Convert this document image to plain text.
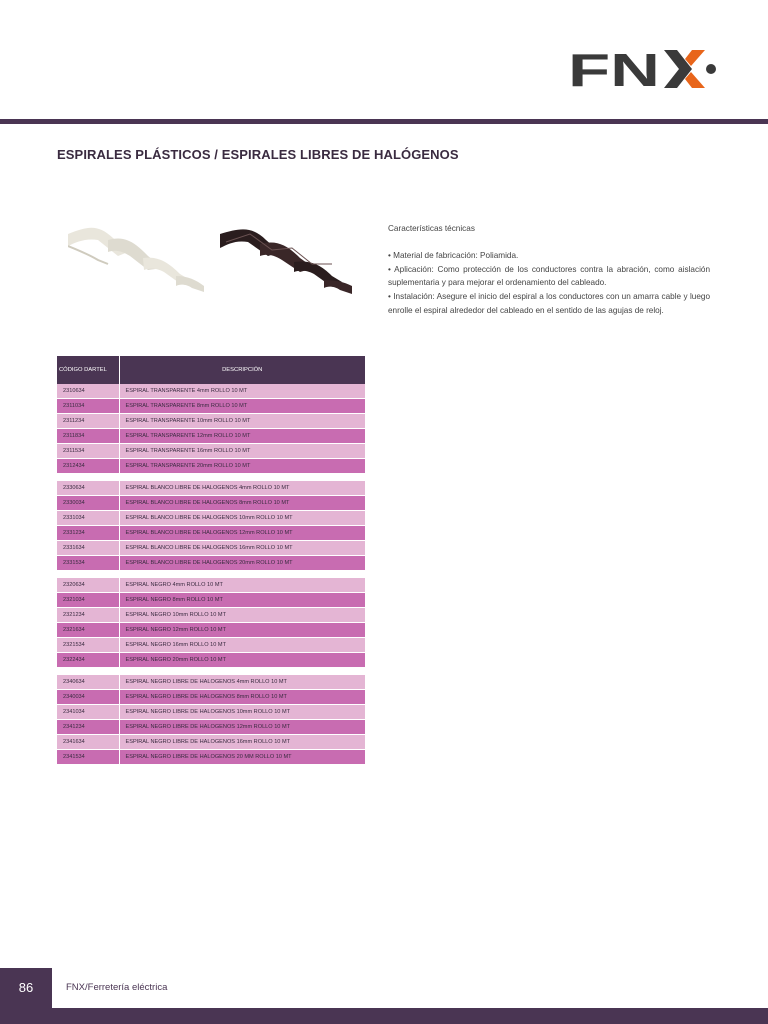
FN
ESPIRALES PLÁSTICOS / ESPIRALES LIBRES DE HALÓGENOS

Características técnicas

• Material de fabricación: Poliamida.

• Aplicación: Como protección de los conductores contra la abración, como aislación suplementaria y para mejorar el ordenamiento del cableado.

• Instalación: Asegure el inicio del espiral a los conductores con un amarra cable y luego enrolle el espiral alrededor del cableado en el sentido de las agujas de reloj.

CÓDIGO DARTEL	DESCRIPCIÓN
2310634	ESPIRAL TRANSPARENTE 4mm ROLLO 10 MT
2311034	ESPIRAL TRANSPARENTE 8mm ROLLO 10 MT
2311234	ESPIRAL TRANSPARENTE 10mm ROLLO 10 MT
2311834	ESPIRAL TRANSPARENTE 12mm ROLLO 10 MT
2311534	ESPIRAL TRANSPARENTE 16mm ROLLO 10 MT
2312434	ESPIRAL TRANSPARENTE 20mm ROLLO 10 MT

2330634	ESPIRAL BLANCO LIBRE DE HALOGENOS 4mm ROLLO 10 MT
2330034	ESPIRAL BLANCO LIBRE DE HALOGENOS 8mm ROLLO 10 MT
2331034	ESPIRAL BLANCO LIBRE DE HALOGENOS 10mm ROLLO 10 MT
2331234	ESPIRAL BLANCO LIBRE DE HALOGENOS 12mm ROLLO 10 MT
2331634	ESPIRAL BLANCO LIBRE DE HALOGENOS 16mm ROLLO 10 MT
2331534	ESPIRAL BLANCO LIBRE DE HALOGENOS 20mm ROLLO 10 MT

2320634	ESPIRAL NEGRO 4mm ROLLO 10 MT
2321034	ESPIRAL NEGRO 8mm ROLLO 10 MT
2321234	ESPIRAL NEGRO 10mm ROLLO 10 MT
2321634	ESPIRAL NEGRO 12mm ROLLO 10 MT
2321534	ESPIRAL NEGRO 16mm ROLLO 10 MT
2322434	ESPIRAL NEGRO 20mm ROLLO 10 MT

2340634	ESPIRAL NEGRO LIBRE DE HALOGENOS 4mm ROLLO 10 MT
2340034	ESPIRAL NEGRO LIBRE DE HALOGENOS 8mm ROLLO 10 MT
2341034	ESPIRAL NEGRO LIBRE DE HALOGENOS 10mm ROLLO 10 MT
2341234	ESPIRAL NEGRO LIBRE DE HALOGENOS 12mm ROLLO 10 MT
2341634	ESPIRAL NEGRO LIBRE DE HALOGENOS 16mm ROLLO 10 MT
2341534	ESPIRAL NEGRO LIBRE DE HALOGENOS 20 MM ROLLO 10 MT
86	FNX/Ferretería eléctrica
